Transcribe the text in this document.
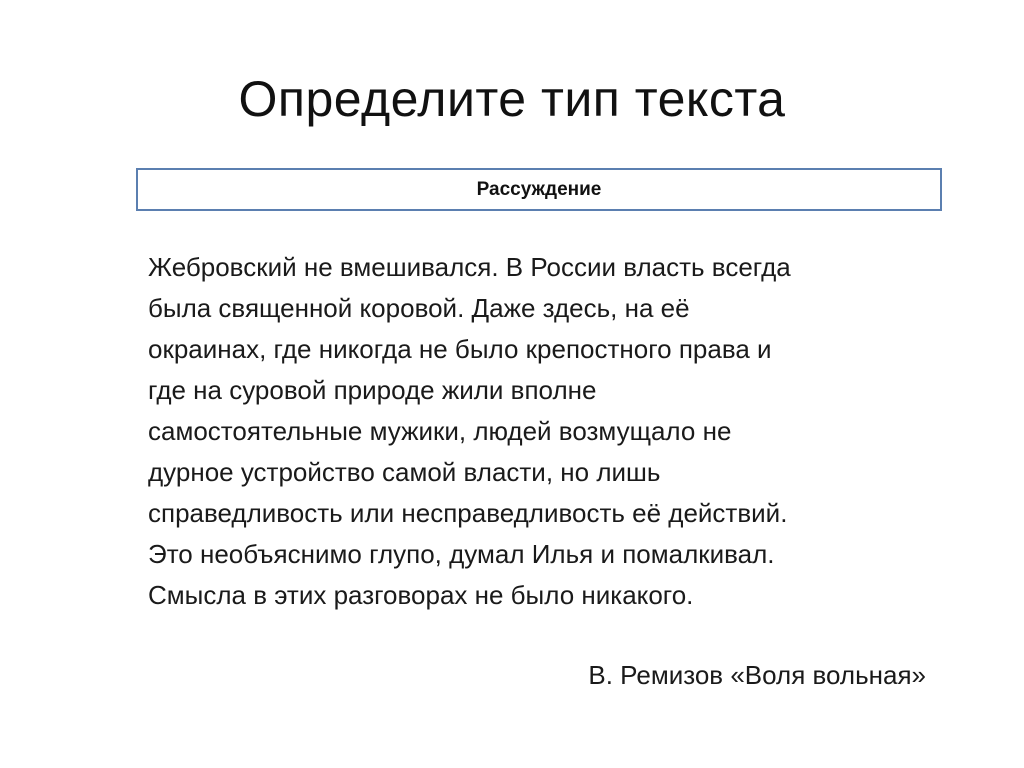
Определите тип текста
Рассуждение

Жебровский не вмешивался. В России власть всегда
была священной коровой. Даже здесь, на её
окраинах, где никогда не было крепостного права и
где на суровой природе жили вполне
самостоятельные мужики, людей возмущало не
дурное устройство самой власти, но лишь
справедливость или несправедливость её действий.
Это необъяснимо глупо, думал Илья и помалкивал.
Смысла в этих разговорах не было никакого.

В. Ремизов «Воля вольная»
